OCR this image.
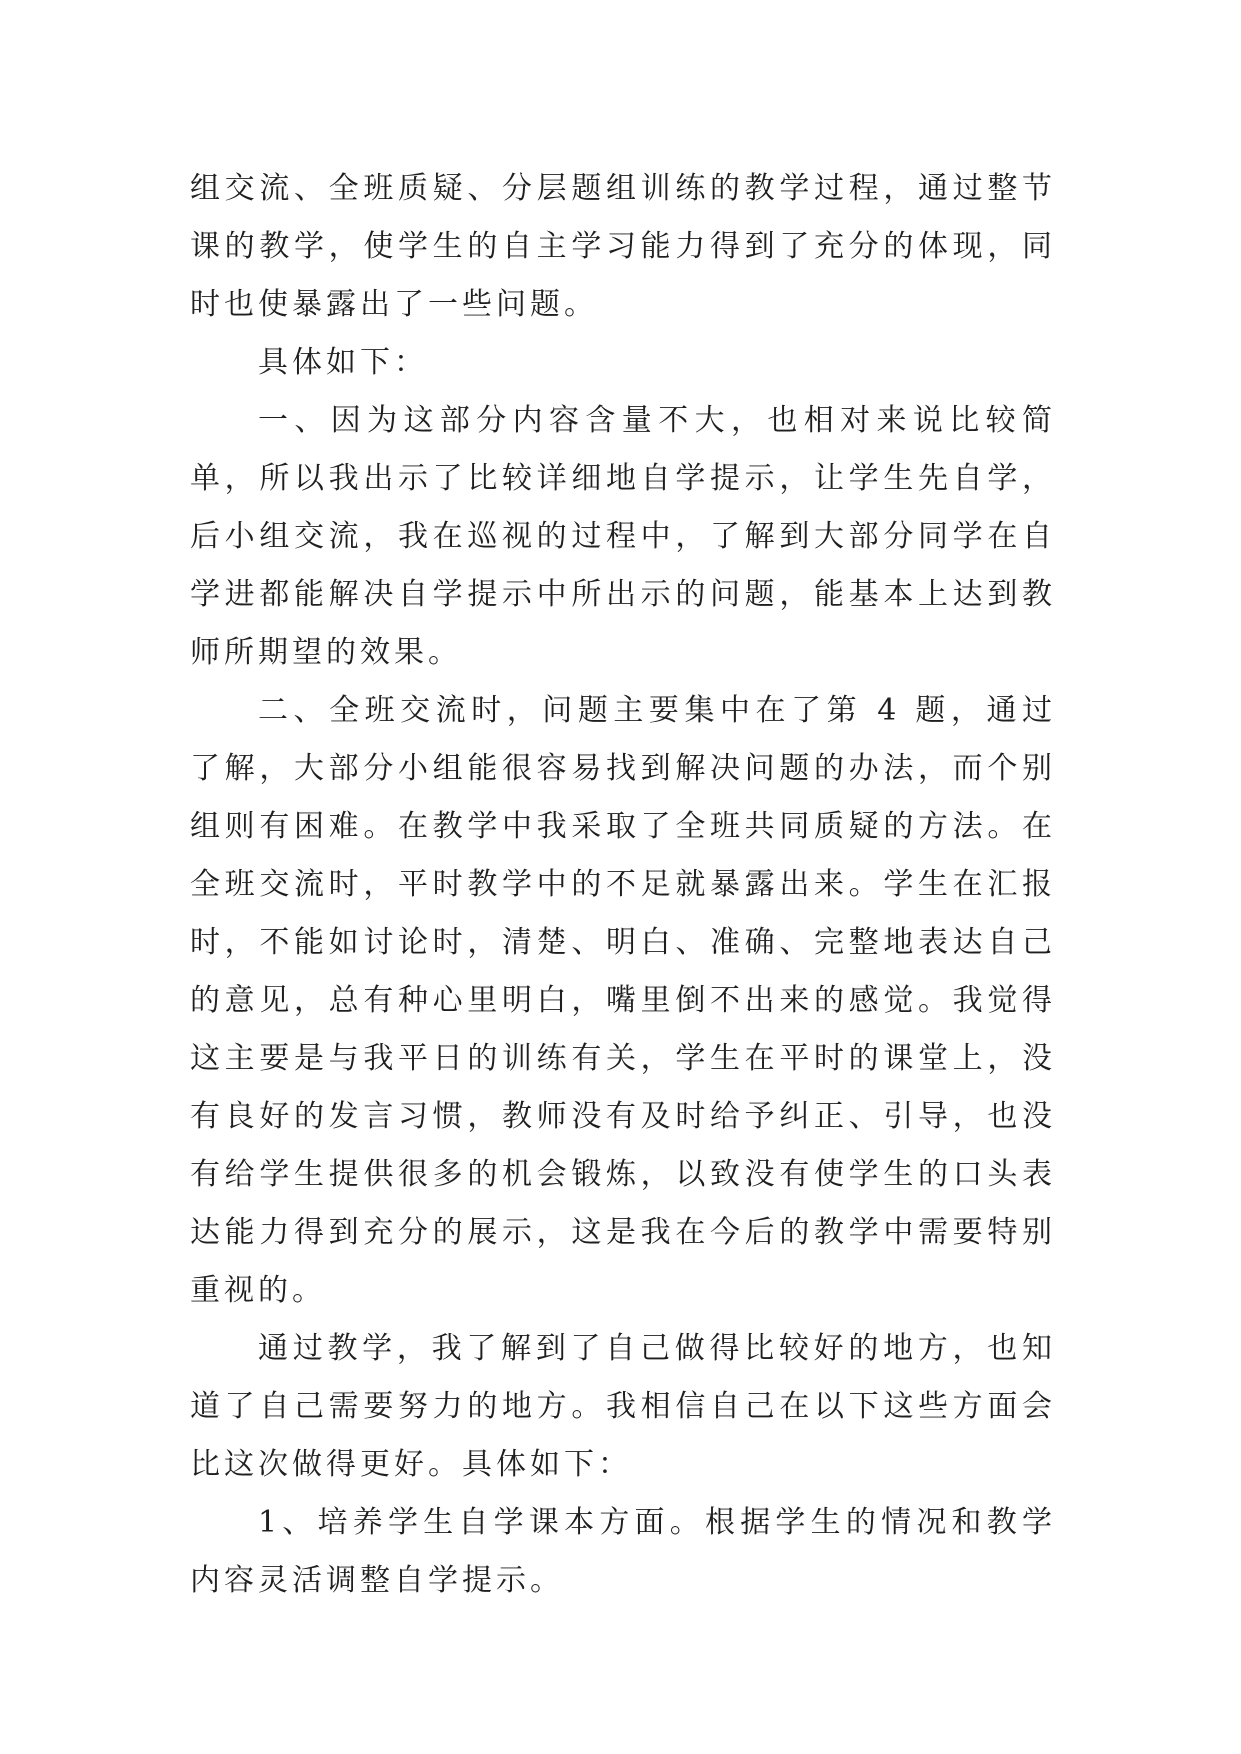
组交流、全班质疑、分层题组训练的教学过程，通过整节课的教学，使学生的自主学习能力得到了充分的体现，同时也使暴露出了一些问题。

具体如下：

一、因为这部分内容含量不大，也相对来说比较简单，所以我出示了比较详细地自学提示，让学生先自学，后小组交流，我在巡视的过程中，了解到大部分同学在自学进都能解决自学提示中所出示的问题，能基本上达到教师所期望的效果。

二、全班交流时，问题主要集中在了第 4 题，通过了解，大部分小组能很容易找到解决问题的办法，而个别组则有困难。在教学中我采取了全班共同质疑的方法。在全班交流时，平时教学中的不足就暴露出来。学生在汇报时，不能如讨论时，清楚、明白、准确、完整地表达自己的意见，总有种心里明白，嘴里倒不出来的感觉。我觉得这主要是与我平日的训练有关，学生在平时的课堂上，没有良好的发言习惯，教师没有及时给予纠正、引导，也没有给学生提供很多的机会锻炼，以致没有使学生的口头表达能力得到充分的展示，这是我在今后的教学中需要特别重视的。

通过教学，我了解到了自己做得比较好的地方，也知道了自己需要努力的地方。我相信自己在以下这些方面会比这次做得更好。具体如下：

1、培养学生自学课本方面。根据学生的情况和教学内容灵活调整自学提示。
